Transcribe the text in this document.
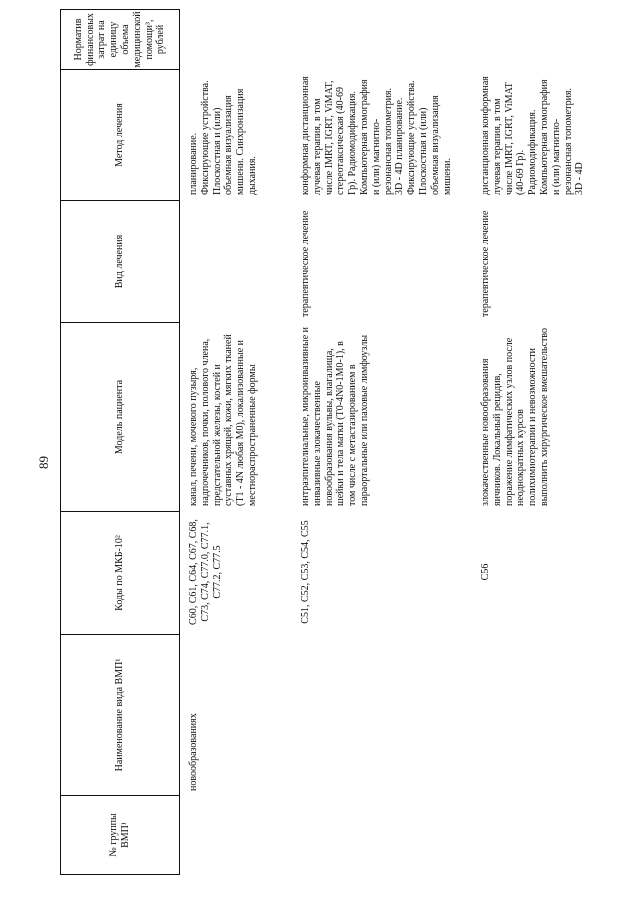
89
№ группы ВМП¹
Наименование вида ВМП¹
Коды по МКБ-10²
Модель пациента
Вид лечения
Метод лечения
Норматив финансовых затрат на единицу объема медицинской помощи³, рублей
новообразованиях
C60, C61, C64, C67, C68, C73, C74, C77.0, C77.1, C77.2, C77.5
канал, печени, мочевого пузыря, надпочечников, почки, полового члена, предстательной железы, костей и суставных хрящей, кожи, мягких тканей (T1 - 4N любая M0), локализованные и местнораспространенные формы
планирование. Фиксирующие устройства. Плоскостная и (или) объемная визуализация мишени. Синхронизация дыхания.
C51, C52, C53, C54, C55
интраэпителиальные, микроинвазивные и инвазивные злокачественные новообразования вульвы, влагалища, шейки и тела матки (T0-4N0-1M0-1), в том числе с метастазированием в параортальные или паховые лимфоузлы
терапевтическое лечение
конформная дистанционная лучевая терапия, в том числе IMRT, IGRT, ViMAT, стереотаксическая (40-69 Гр). Радиомодификация. Компьютерная томография и (или) магнитно-резонансная топометрия. 3D - 4D планирование. Фиксирующие устройства. Плоскостная и (или) объемная визуализация мишени.
C56
злокачественные новообразования яичников. Локальный рецидив, поражение лимфатических узлов после неоднократных курсов полихимиотерапии и невозможности выполнить хирургическое вмешательство
терапевтическое лечение
дистанционная конформная лучевая терапия, в том числе IMRT, IGRT, ViMAT (40-69 Гр). Радиомодификация. Компьютерная томография и (или) магнитно-резонансная топометрия. 3D - 4D
